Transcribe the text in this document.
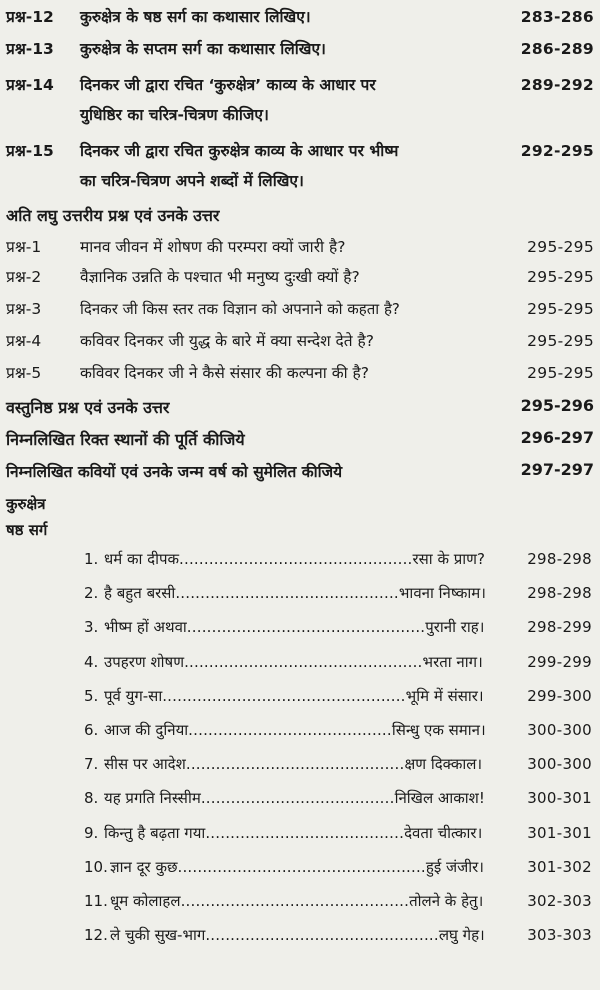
प्रश्न-12 कुरुक्षेत्र के षष्ठ सर्ग का कथासार लिखिए।	283-286
प्रश्न-13 कुरुक्षेत्र के सप्तम सर्ग का कथासार लिखिए।	286-289
प्रश्न-14 दिनकर जी द्वारा रचित ‘कुरुक्षेत्र’ काव्य के आधार पर	289-292
युधिष्ठिर का चरित्र-चित्रण कीजिए।
प्रश्न-15 दिनकर जी द्वारा रचित कुरुक्षेत्र काव्य के आधार पर भीष्म	292-295
का चरित्र-चित्रण अपने शब्दों में लिखिए।
अति लघु उत्तरीय प्रश्न एवं उनके उत्तर
प्रश्न-1	मानव जीवन में शोषण की परम्परा क्यों जारी है?	295-295
प्रश्न-2	वैज्ञानिक उन्नति के पश्चात भी मनुष्य दुःखी क्यों है?	295-295
प्रश्न-3	दिनकर जी किस स्तर तक विज्ञान को अपनाने को कहता है?	295-295
प्रश्न-4	कविवर दिनकर जी युद्ध के बारे में क्या सन्देश देते है?	295-295
प्रश्न-5	कविवर दिनकर जी ने कैसे संसार की कल्पना की है?	295-295
वस्तुनिष्ठ प्रश्न एवं उनके उत्तर	295-296
निम्नलिखित रिक्त स्थानों की पूर्ति कीजिये	296-297
निम्नलिखित कवियों एवं उनके जन्म वर्ष को सुमेलित कीजिये	297-297
कुरुक्षेत्र
षष्ठ सर्ग
1. धर्म का दीपक...............................................रसा के प्राण?	298-298
2. है बहुत बरसी.............................................भावना निष्काम।	298-298
3. भीष्म हों अथवा................................................पुरानी राह।	298-299
4. उपहरण शोषण................................................भरता नाग।	299-299
5. पूर्व युग-सा.................................................भूमि में संसार।	299-300
6. आज की दुनिया.........................................सिन्धु एक समान।	300-300
7. सीस पर आदेश............................................क्षण दिक्काल।	300-300
8. यह प्रगति निस्सीम.......................................निखिल आकाश!	300-301
9. किन्तु है बढ़ता गया........................................देवता चीत्कार।	301-301
10. ज्ञान दूर कुछ..................................................हुई जंजीर।	301-302
11. धूम कोलाहल..............................................तोलने के हेतु।	302-303
12. ले चुकी सुख-भाग...............................................लघु गेह।	303-303
